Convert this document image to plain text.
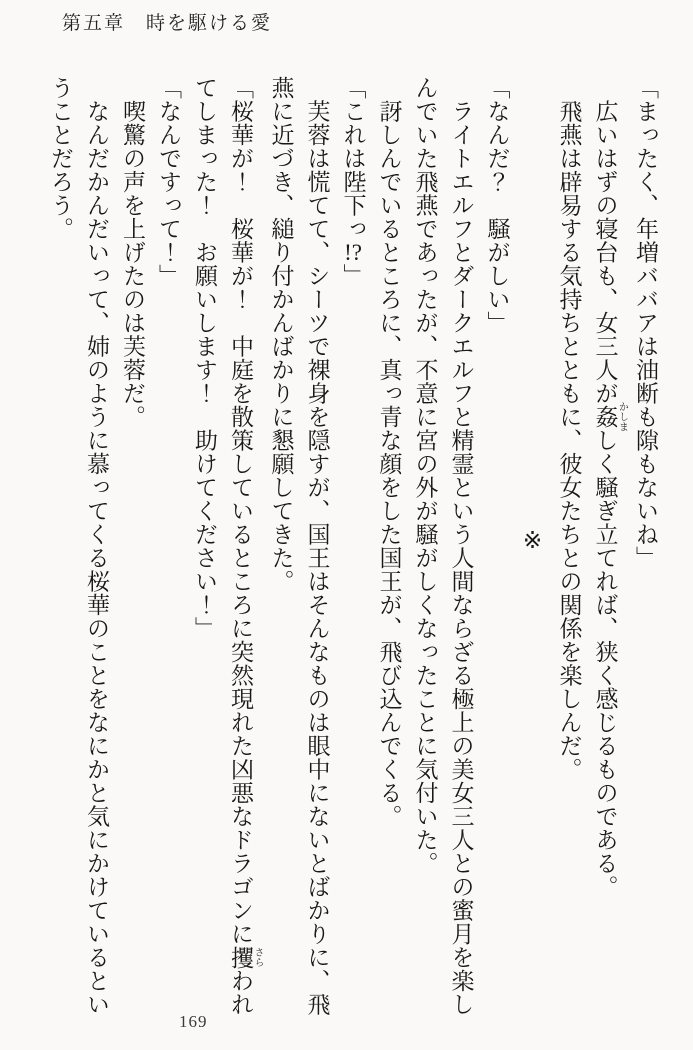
第五章　時を駆ける愛
「まったく、年増ババアは油断も隙もないね」
　広いはずの寝台も、女三人が姦 かしましく騒ぎ立てれば、狭く感じるものである。
　飛燕は辟易する気持ちとともに、彼女たちとの関係を楽しんだ。
※
「なんだ？　騒がしい」
　ライトエルフとダークエルフと精霊という人間ならざる極上の美女三人との蜜月を楽し
んでいた飛燕であったが、不意に宮の外が騒がしくなったことに気付いた。
　訝しんでいるところに、真っ青な顔をした国王が、飛び込んでくる。
「これは陛下っ!?」
　芙蓉は慌てて、シーツで裸身を隠すが、国王はそんなものは眼中にないとばかりに、飛
燕に近づき、縋り付かんばかりに懇願してきた。
「桜華が！　桜華が！　中庭を散策しているところに突然現れた凶悪なドラゴンに攫 さらわれ
てしまった！　お願いします！　助けてください！」
「なんですって！」
　喫驚の声を上げたのは芙蓉だ。
　なんだかんだいって、姉のように慕ってくる桜華のことをなにかと気にかけているとい
うことだろう。
169
